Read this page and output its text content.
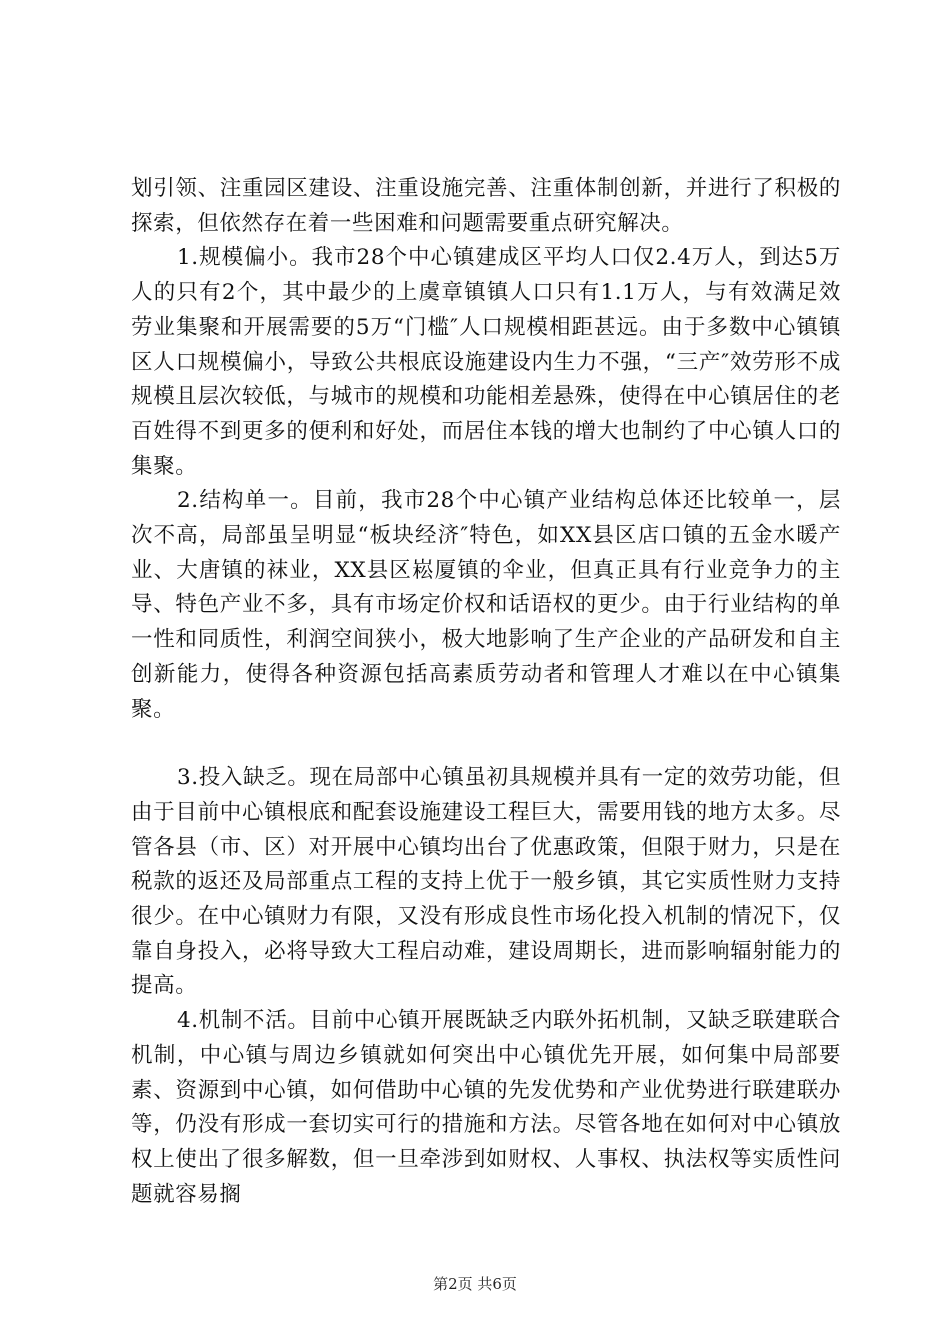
划引领、注重园区建设、注重设施完善、注重体制创新，并进行了积极的探索，但依然存在着一些困难和问题需要重点研究解决。

1.规模偏小。我市28个中心镇建成区平均人口仅2.4万人，到达5万人的只有2个，其中最少的上虞章镇镇人口只有1.1万人，与有效满足效劳业集聚和开展需要的5万“门槛″人口规模相距甚远。由于多数中心镇镇区人口规模偏小，导致公共根底设施建设内生力不强，“三产″效劳形不成规模且层次较低，与城市的规模和功能相差悬殊，使得在中心镇居住的老百姓得不到更多的便利和好处，而居住本钱的增大也制约了中心镇人口的集聚。

2.结构单一。目前，我市28个中心镇产业结构总体还比较单一，层次不高，局部虽呈明显“板块经济″特色，如XX县区店口镇的五金水暖产业、大唐镇的袜业，XX县区崧厦镇的伞业，但真正具有行业竞争力的主导、特色产业不多，具有市场定价权和话语权的更少。由于行业结构的单一性和同质性，利润空间狭小，极大地影响了生产企业的产品研发和自主创新能力，使得各种资源包括高素质劳动者和管理人才难以在中心镇集聚。

3.投入缺乏。现在局部中心镇虽初具规模并具有一定的效劳功能，但由于目前中心镇根底和配套设施建设工程巨大，需要用钱的地方太多。尽管各县（市、区）对开展中心镇均出台了优惠政策，但限于财力，只是在税款的返还及局部重点工程的支持上优于一般乡镇，其它实质性财力支持很少。在中心镇财力有限，又没有形成良性市场化投入机制的情况下，仅靠自身投入，必将导致大工程启动难，建设周期长，进而影响辐射能力的提高。

4.机制不活。目前中心镇开展既缺乏内联外拓机制，又缺乏联建联合机制，中心镇与周边乡镇就如何突出中心镇优先开展，如何集中局部要素、资源到中心镇，如何借助中心镇的先发优势和产业优势进行联建联办等，仍没有形成一套切实可行的措施和方法。尽管各地在如何对中心镇放权上使出了很多解数，但一旦牵涉到如财权、人事权、执法权等实质性问题就容易搁

第2页 共6页
